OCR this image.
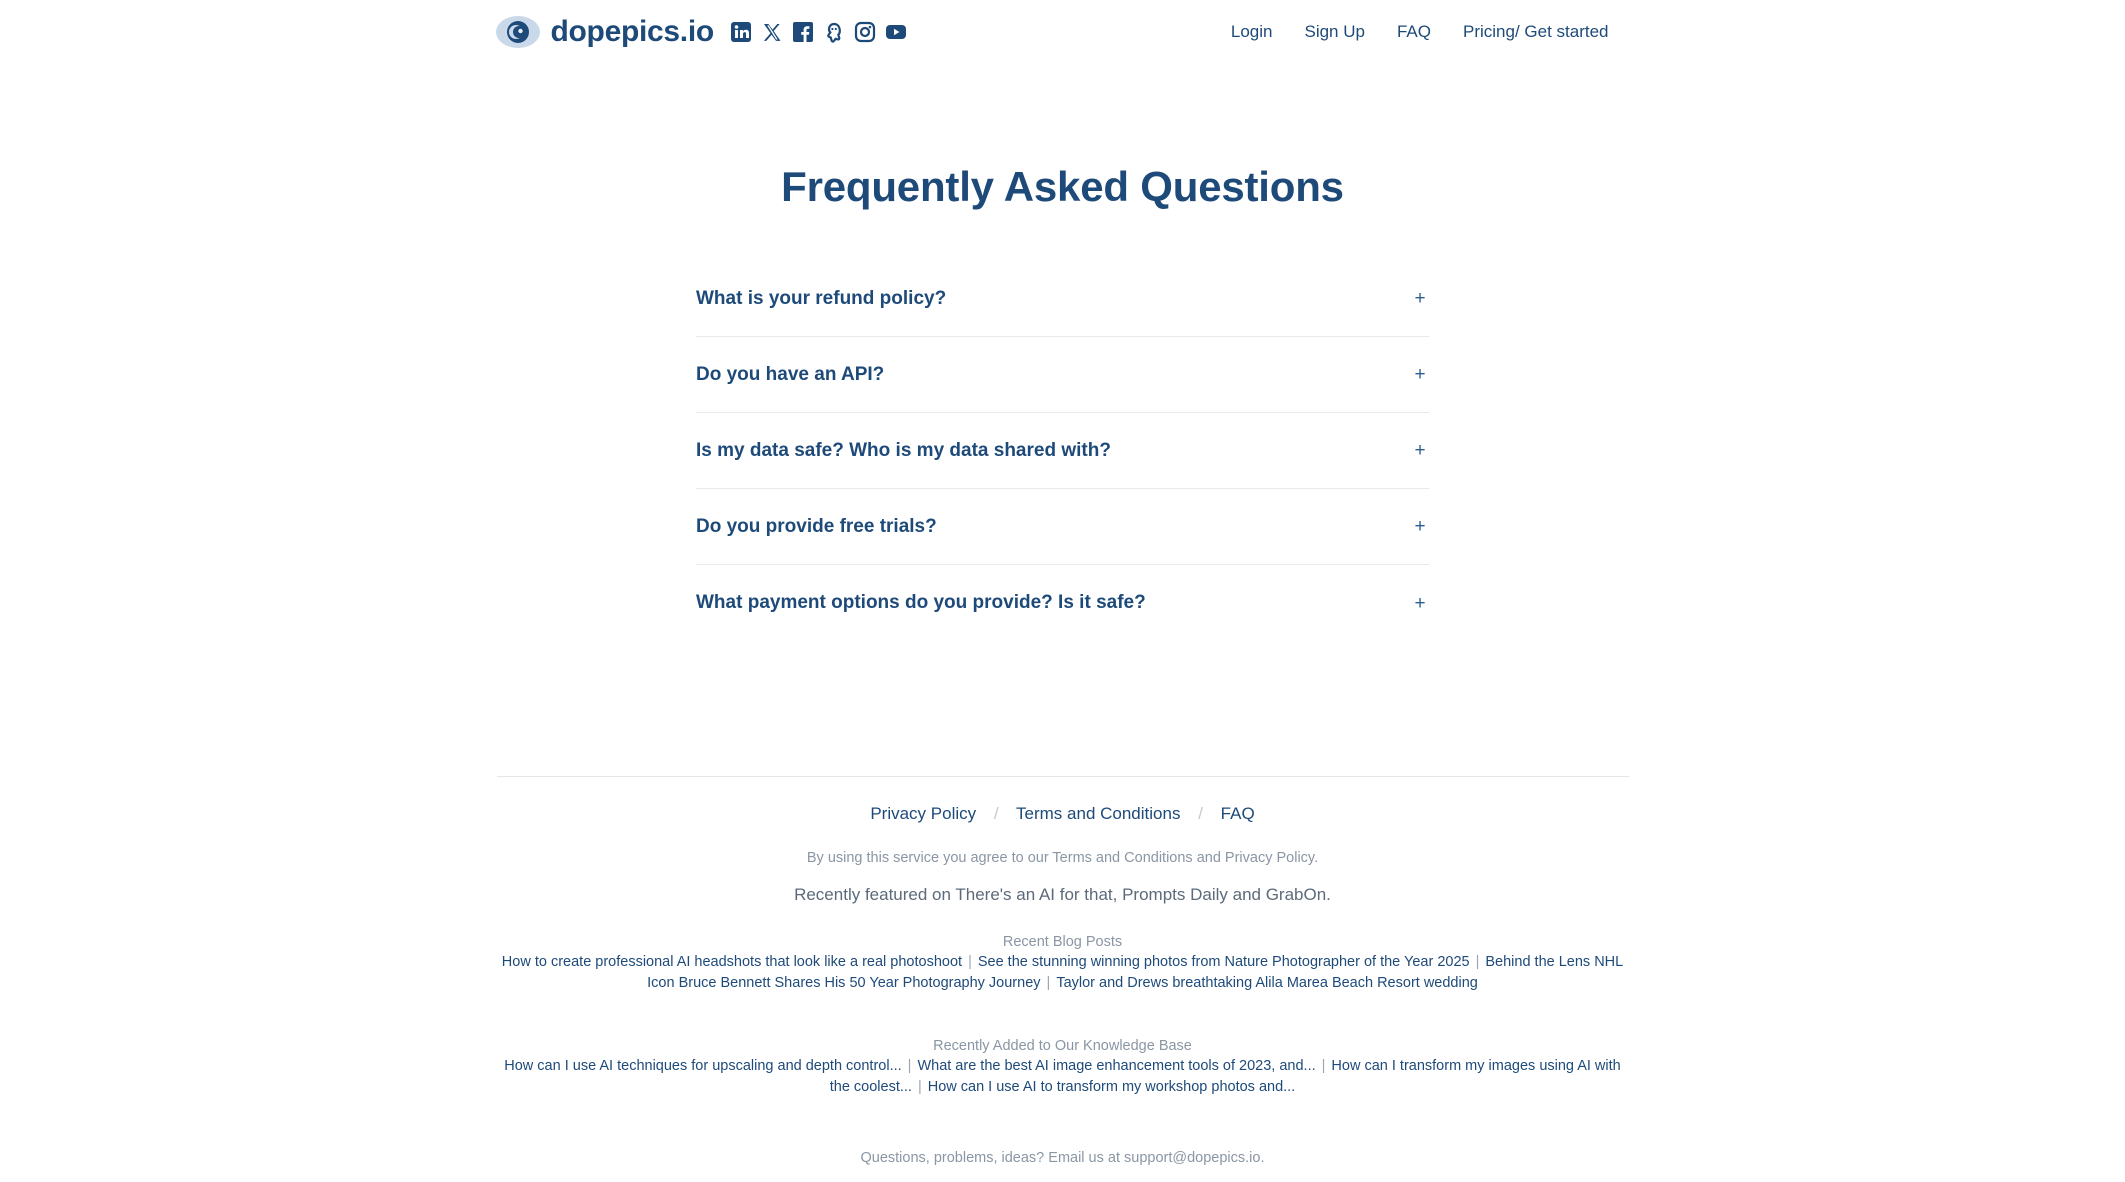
dopepics.io	Login Sign Up FAQ Pricing/ Get started
Frequently Asked Questions
What is your refund policy?	+
Do you have an API?	+
Is my data safe? Who is my data shared with?	+
Do you provide free trials?	+
What payment options do you provide? Is it safe?	+
Privacy Policy / Terms and Conditions / FAQ
By using this service you agree to our Terms and Conditions and Privacy Policy.
Recently featured on There's an AI for that, Prompts Daily and GrabOn.
Recent Blog Posts
How to create professional AI headshots that look like a real photoshoot | See the stunning winning photos from Nature Photographer of the Year 2025 | Behind the Lens NHL Icon Bruce Bennett Shares His 50 Year Photography Journey | Taylor and Drews breathtaking Alila Marea Beach Resort wedding
Recently Added to Our Knowledge Base
How can I use AI techniques for upscaling and depth control... | What are the best AI image enhancement tools of 2023, and... | How can I transform my images using AI with the coolest... | How can I use AI to transform my workshop photos and...
Questions, problems, ideas? Email us at support@dopepics.io.
